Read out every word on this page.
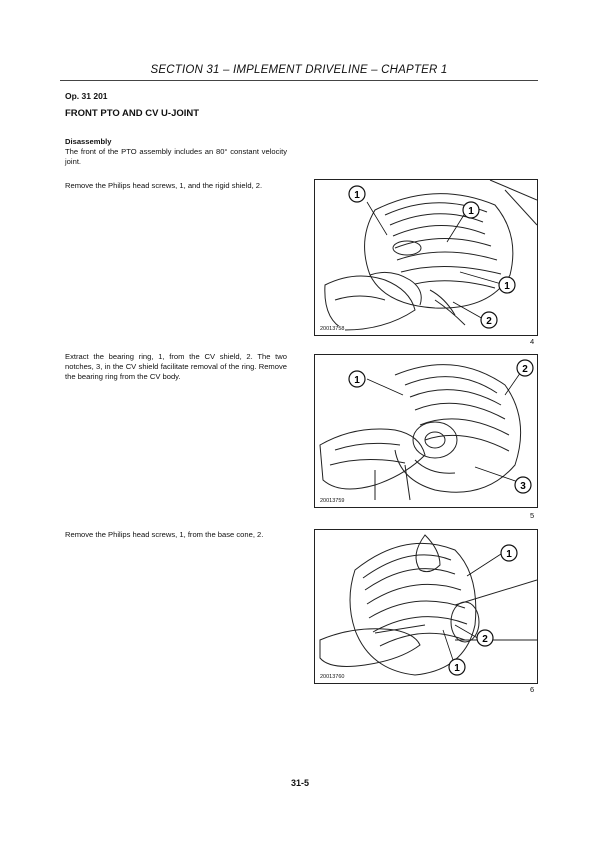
SECTION 31 – IMPLEMENT DRIVELINE – CHAPTER 1
Op. 31 201
FRONT PTO AND CV U-JOINT
Disassembly
The front of the PTO assembly includes an 80° constant velocity joint.
Remove the Philips head screws, 1, and the rigid shield, 2.
Extract the bearing ring, 1, from the CV shield, 2. The two notches, 3, in the CV shield facilitate removal of the ring. Remove the bearing ring from the CV body.
Remove the Philips head screws, 1, from the base cone, 2.
1
1
1
2
20013758
4
1
2
3
20013759
5
1
2
1
20013760
6
31-5
